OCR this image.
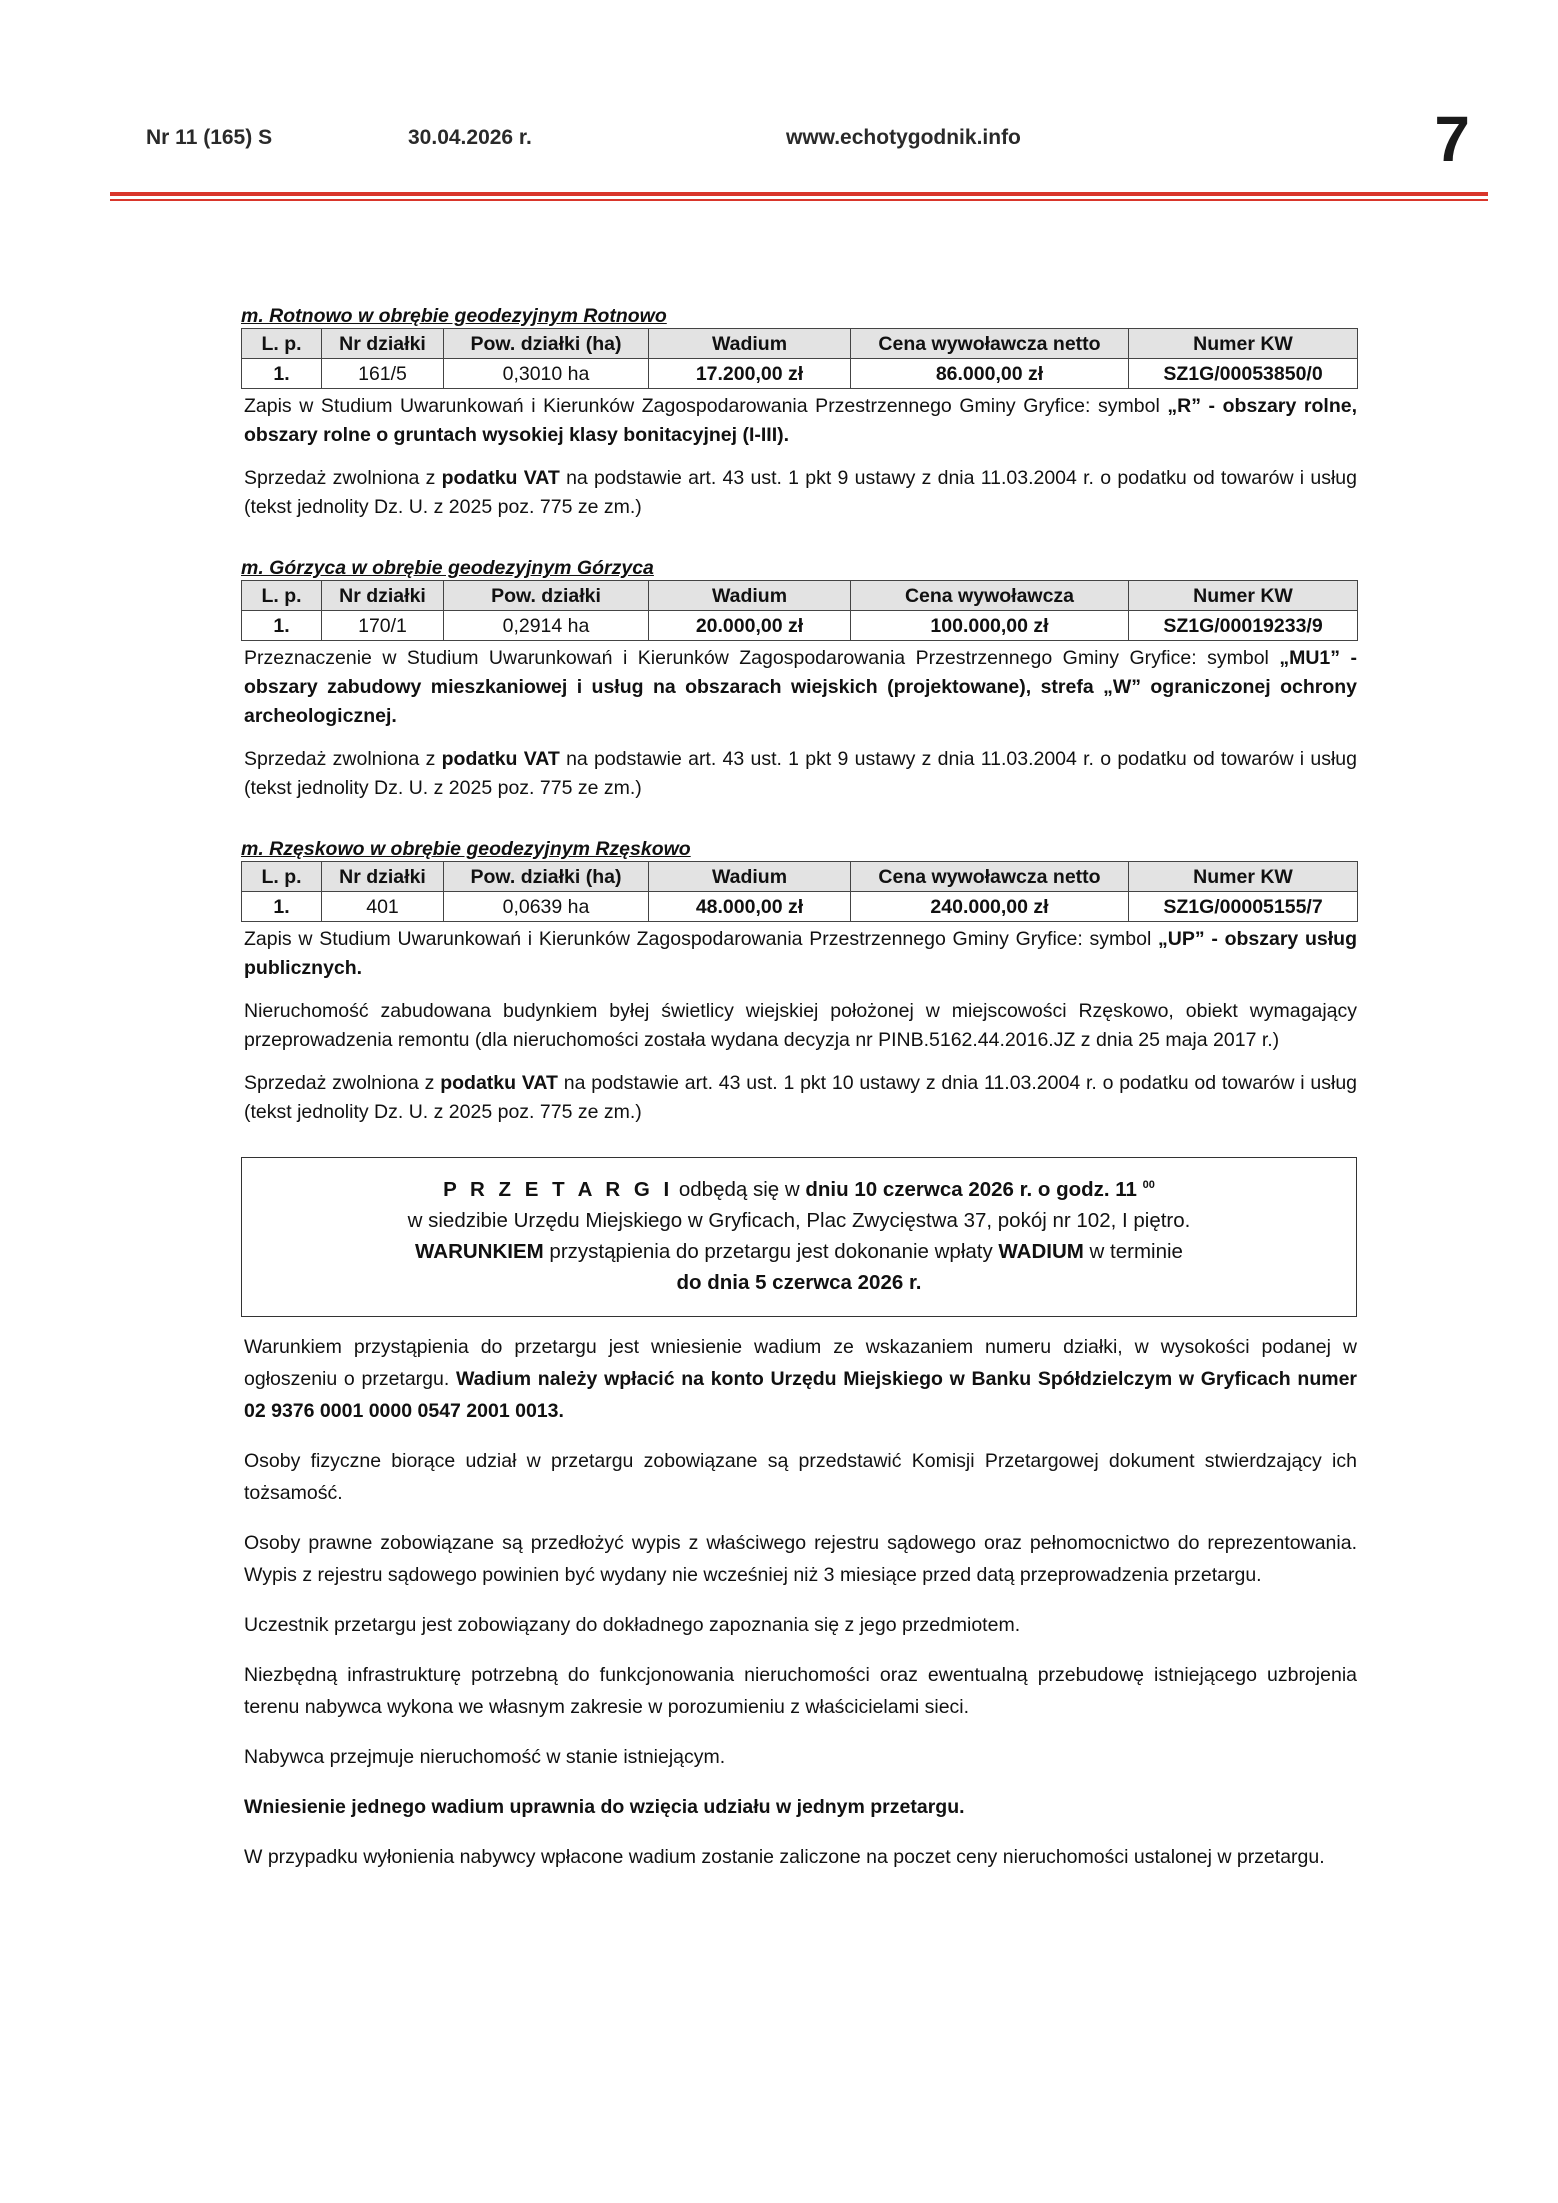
Nr 11 (165) S	30.04.2026 r.	www.echotygodnik.info	7

m. Rotnowo w obrębie geodezyjnym Rotnowo

L. p.	Nr działki	Pow. działki (ha)	Wadium	Cena wywoławcza netto	Numer KW
1.	161/5	0,3010 ha	17.200,00 zł	86.000,00 zł	SZ1G/00053850/0

Zapis w Studium Uwarunkowań i Kierunków Zagospodarowania Przestrzennego Gminy Gryfice: symbol „R” - obszary rolne, obszary rolne o gruntach wysokiej klasy bonitacyjnej (I-III).

Sprzedaż zwolniona z podatku VAT na podstawie art. 43 ust. 1 pkt 9 ustawy z dnia 11.03.2004 r. o podatku od towarów i usług (tekst jednolity Dz. U. z 2025 poz. 775 ze zm.)

m. Górzyca w obrębie geodezyjnym Górzyca

L. p.	Nr działki	Pow. działki	Wadium	Cena wywoławcza	Numer KW
1.	170/1	0,2914 ha	20.000,00 zł	100.000,00 zł	SZ1G/00019233/9

Przeznaczenie w Studium Uwarunkowań i Kierunków Zagospodarowania Przestrzennego Gminy Gryfice: symbol „MU1” - obszary zabudowy mieszkaniowej i usług na obszarach wiejskich (projektowane), strefa „W” ograniczonej ochrony archeologicznej.

Sprzedaż zwolniona z podatku VAT na podstawie art. 43 ust. 1 pkt 9 ustawy z dnia 11.03.2004 r. o podatku od towarów i usług (tekst jednolity Dz. U. z 2025 poz. 775 ze zm.)

m. Rzęskowo w obrębie geodezyjnym Rzęskowo

L. p.	Nr działki	Pow. działki (ha)	Wadium	Cena wywoławcza netto	Numer KW
1.	401	0,0639 ha	48.000,00 zł	240.000,00 zł	SZ1G/00005155/7

Zapis w Studium Uwarunkowań i Kierunków Zagospodarowania Przestrzennego Gminy Gryfice: symbol „UP” - obszary usług publicznych.

Nieruchomość zabudowana budynkiem byłej świetlicy wiejskiej położonej w miejscowości Rzęskowo, obiekt wymagający przeprowadzenia remontu (dla nieruchomości została wydana decyzja nr PINB.5162.44.2016.JZ z dnia 25 maja 2017 r.)

Sprzedaż zwolniona z podatku VAT na podstawie art. 43 ust. 1 pkt 10 ustawy z dnia 11.03.2004 r. o podatku od towarów i usług (tekst jednolity Dz. U. z 2025 poz. 775 ze zm.)

P R Z E T A R G I odbędą się w dniu 10 czerwca 2026 r. o godz. 11 $^{00}$
w siedzibie Urzędu Miejskiego w Gryficach, Plac Zwycięstwa 37, pokój nr 102, I piętro.
WARUNKIEM przystąpienia do przetargu jest dokonanie wpłaty WADIUM w terminie
do dnia 5 czerwca 2026 r.

Warunkiem przystąpienia do przetargu jest wniesienie wadium ze wskazaniem numeru działki, w wysokości podanej w ogłoszeniu o przetargu. Wadium należy wpłacić na konto Urzędu Miejskiego w Banku Spółdzielczym w Gryficach numer 02 9376 0001 0000 0547 2001 0013.

Osoby fizyczne biorące udział w przetargu zobowiązane są przedstawić Komisji Przetargowej dokument stwierdzający ich tożsamość.

Osoby prawne zobowiązane są przedłożyć wypis z właściwego rejestru sądowego oraz pełnomocnictwo do reprezentowania. Wypis z rejestru sądowego powinien być wydany nie wcześniej niż 3 miesiące przed datą przeprowadzenia przetargu.

Uczestnik przetargu jest zobowiązany do dokładnego zapoznania się z jego przedmiotem.

Niezbędną infrastrukturę potrzebną do funkcjonowania nieruchomości oraz ewentualną przebudowę istniejącego uzbrojenia terenu nabywca wykona we własnym zakresie w porozumieniu z właścicielami sieci.

Nabywca przejmuje nieruchomość w stanie istniejącym.

Wniesienie jednego wadium uprawnia do wzięcia udziału w jednym przetargu.

W przypadku wyłonienia nabywcy wpłacone wadium zostanie zaliczone na poczet ceny nieruchomości ustalonej w przetargu.
